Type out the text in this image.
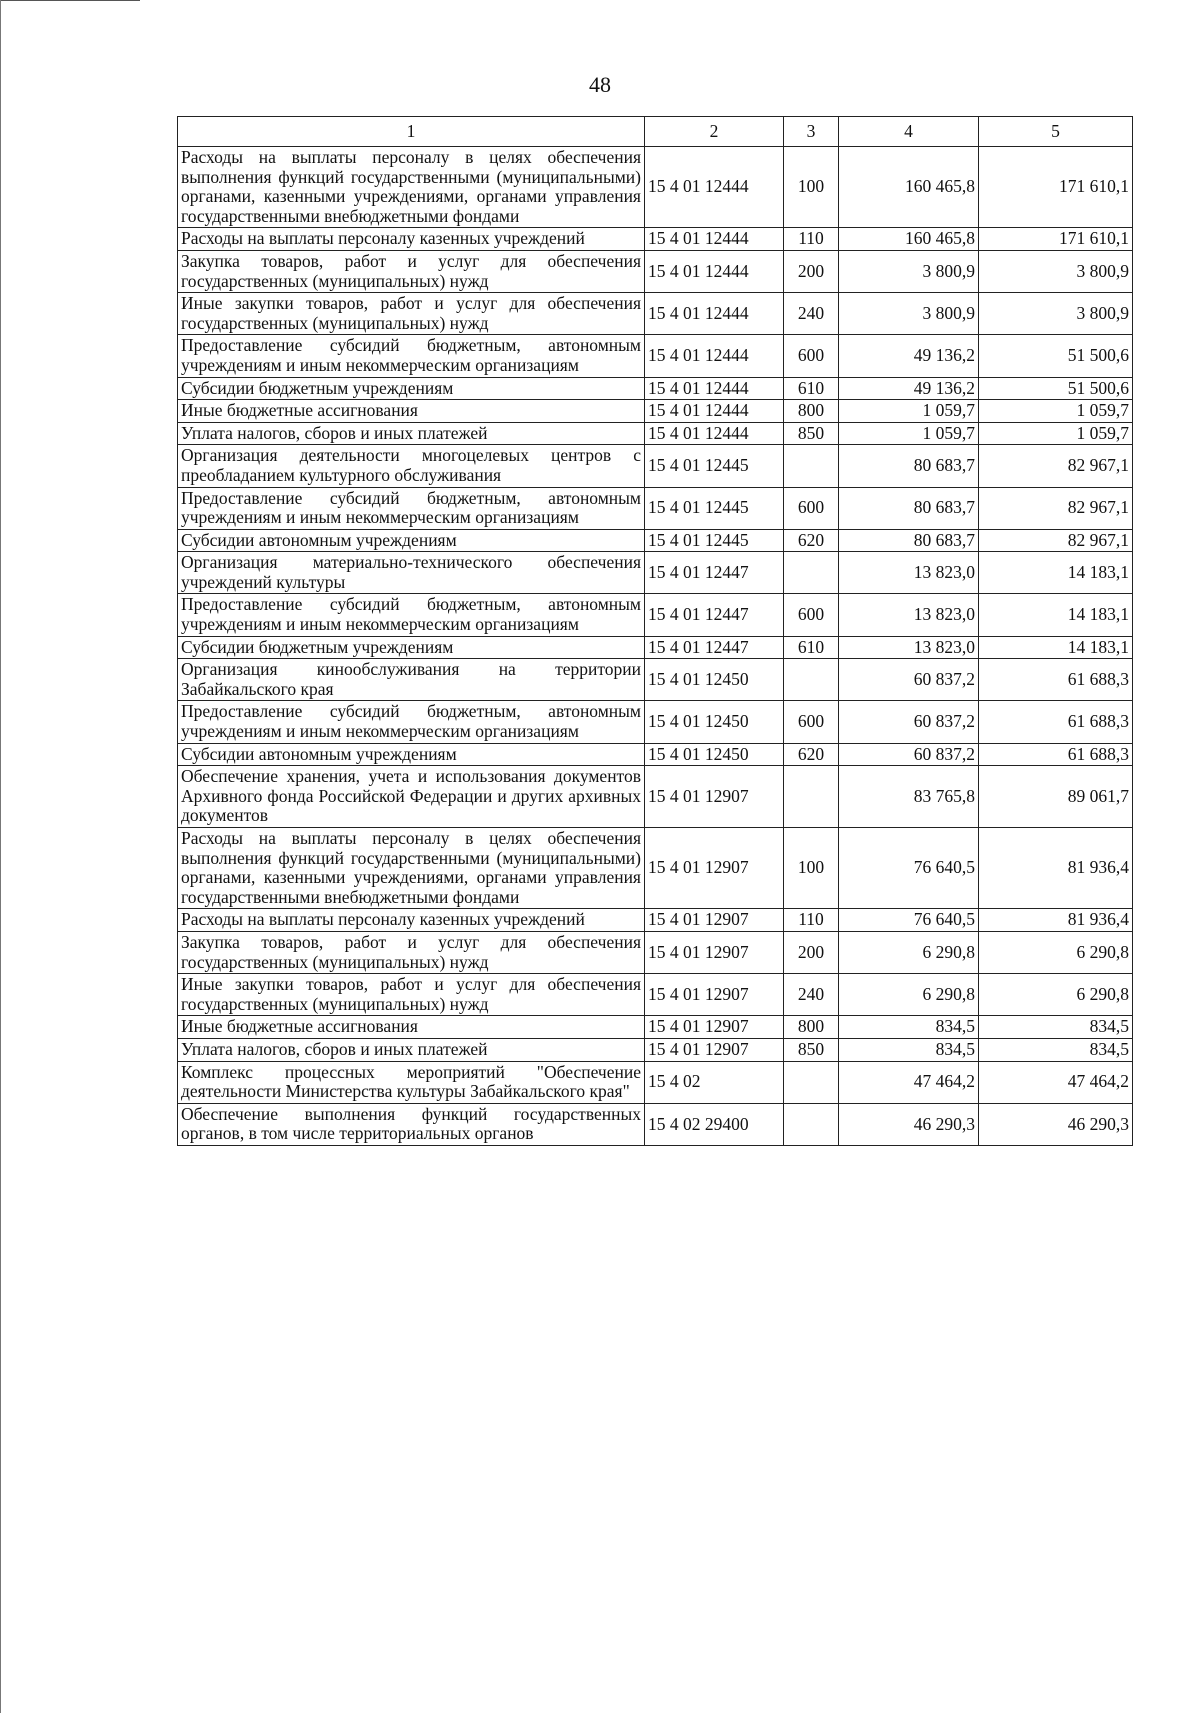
48
1	2	3	4	5
Расходы на выплаты персоналу в целях обеспечения выполнения функций государственными (муниципальными) органами, казенными учреждениями, органами управления государственными внебюджетными фондами	15 4 01 12444	100	160 465,8	171 610,1
Расходы на выплаты персоналу казенных учреждений	15 4 01 12444	110	160 465,8	171 610,1
Закупка товаров, работ и услуг для обеспечения государственных (муниципальных) нужд	15 4 01 12444	200	3 800,9	3 800,9
Иные закупки товаров, работ и услуг для обеспечения государственных (муниципальных) нужд	15 4 01 12444	240	3 800,9	3 800,9
Предоставление субсидий бюджетным, автономным учреждениям и иным некоммерческим организациям	15 4 01 12444	600	49 136,2	51 500,6
Субсидии бюджетным учреждениям	15 4 01 12444	610	49 136,2	51 500,6
Иные бюджетные ассигнования	15 4 01 12444	800	1 059,7	1 059,7
Уплата налогов, сборов и иных платежей	15 4 01 12444	850	1 059,7	1 059,7
Организация деятельности многоцелевых центров с преобладанием культурного обслуживания	15 4 01 12445		80 683,7	82 967,1
Предоставление субсидий бюджетным, автономным учреждениям и иным некоммерческим организациям	15 4 01 12445	600	80 683,7	82 967,1
Субсидии автономным учреждениям	15 4 01 12445	620	80 683,7	82 967,1
Организация материально-технического обеспечения учреждений культуры	15 4 01 12447		13 823,0	14 183,1
Предоставление субсидий бюджетным, автономным учреждениям и иным некоммерческим организациям	15 4 01 12447	600	13 823,0	14 183,1
Субсидии бюджетным учреждениям	15 4 01 12447	610	13 823,0	14 183,1
Организация кинообслуживания на территории Забайкальского края	15 4 01 12450		60 837,2	61 688,3
Предоставление субсидий бюджетным, автономным учреждениям и иным некоммерческим организациям	15 4 01 12450	600	60 837,2	61 688,3
Субсидии автономным учреждениям	15 4 01 12450	620	60 837,2	61 688,3
Обеспечение хранения, учета и использования документов Архивного фонда Российской Федерации и других архивных документов	15 4 01 12907		83 765,8	89 061,7
Расходы на выплаты персоналу в целях обеспечения выполнения функций государственными (муниципальными) органами, казенными учреждениями, органами управления государственными внебюджетными фондами	15 4 01 12907	100	76 640,5	81 936,4
Расходы на выплаты персоналу казенных учреждений	15 4 01 12907	110	76 640,5	81 936,4
Закупка товаров, работ и услуг для обеспечения государственных (муниципальных) нужд	15 4 01 12907	200	6 290,8	6 290,8
Иные закупки товаров, работ и услуг для обеспечения государственных (муниципальных) нужд	15 4 01 12907	240	6 290,8	6 290,8
Иные бюджетные ассигнования	15 4 01 12907	800	834,5	834,5
Уплата налогов, сборов и иных платежей	15 4 01 12907	850	834,5	834,5
Комплекс процессных мероприятий "Обеспечение деятельности Министерства культуры Забайкальского края"	15 4 02		47 464,2	47 464,2
Обеспечение выполнения функций государственных органов, в том числе территориальных органов	15 4 02 29400		46 290,3	46 290,3
